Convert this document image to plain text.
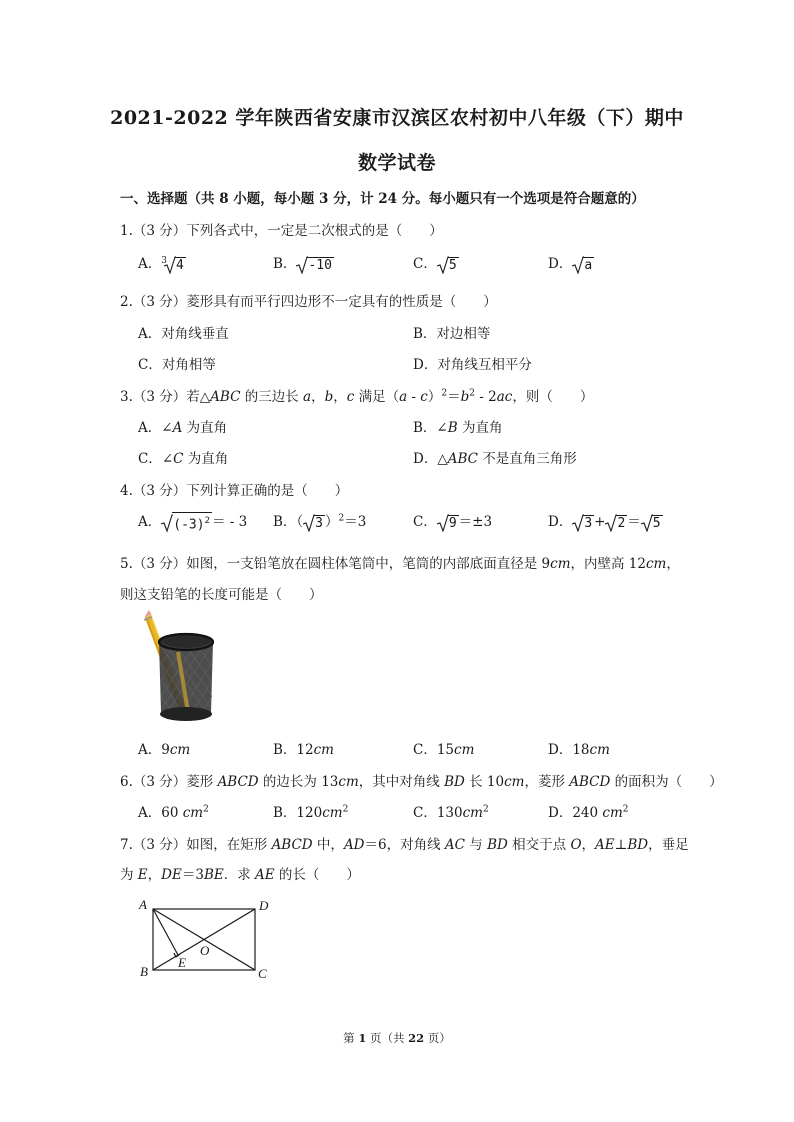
2021-2022 学年陕西省安康市汉滨区农村初中八年级（下）期中
数学试卷
一、选择题（共 8 小题，每小题 3 分，计 24 分。每小题只有一个选项是符合题意的）
1.（3 分）下列各式中，一定是二次根式的是（　　）
A． 3 4	B． -10	C． 5	D． a
2.（3 分）菱形具有而平行四边形不一定具有的性质是（　　）
A．对角线垂直	B．对边相等
C．对角相等	D．对角线互相平分
3.（3 分）若△ABC 的三边长 a，b，c 满足$(a - c)^2=b^2 - 2ac$，则（　　）
A．∠A 为直角	B．∠B 为直角
C．∠C 为直角	D．△ABC 不是直角三角形
4.（3 分）下列计算正确的是（　　）
A． $(-3)^2$ ＝ - 3 B．（ 3 ）$^2$＝3	C． 9 ＝±3	D． 3 + 2 ＝ 5
5.（3 分）如图，一支铅笔放在圆柱体笔筒中，笔筒的内部底面直径是 9cm，内壁高 12cm，
则这支铅笔的长度可能是（　　）
A．9cm	B．12cm	C．15cm	D．18cm
6.（3 分）菱形 ABCD 的边长为 13cm，其中对角线 BD 长 10cm，菱形 ABCD 的面积为（　　）
A．60 $cm^2$	B．$120cm^2$	C．$130cm^2$	D．240 $cm^2$
7.（3 分）如图，在矩形 ABCD 中，AD＝6，对角线 AC 与 BD 相交于点 O，AE⊥BD，垂足
为 E，DE＝3BE．求 AE 的长（　　）
A	D
B	C
E
O
第 1 页（共 22 页）
